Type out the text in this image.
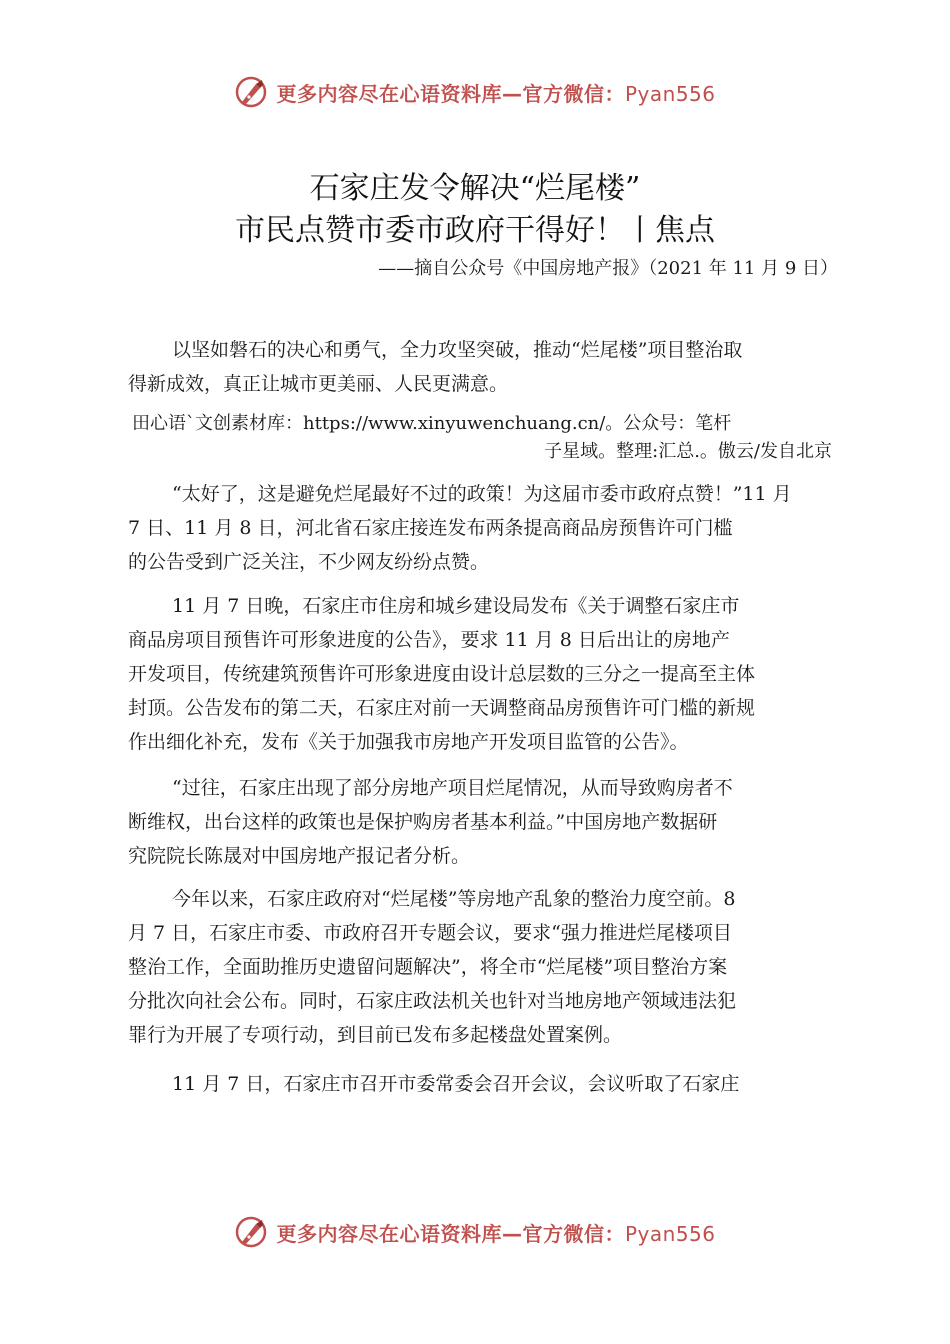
更多内容尽在心语资料库—官方微信：Pyan556
石家庄发令解决“烂尾楼”
市民点赞市委市政府干得好！丨焦点
——摘自公众号《中国房地产报》（2021 年 11 月 9 日）
以坚如磐石的决心和勇气，全力攻坚突破，推动“烂尾楼”项目整治取
得新成效，真正让城市更美丽、人民更满意。
田心语`文创素材库：https://www.xinyuwenchuang.cn/。公众号：笔杆
子星域。整理:汇总.。傲云/发自北京
“太好了，这是避免烂尾最好不过的政策！为这届市委市政府点赞！”11 月
7 日、11 月 8 日，河北省石家庄接连发布两条提高商品房预售许可门槛
的公告受到广泛关注，不少网友纷纷点赞。
11 月 7 日晚，石家庄市住房和城乡建设局发布《关于调整石家庄市
商品房项目预售许可形象进度的公告》，要求 11 月 8 日后出让的房地产
开发项目，传统建筑预售许可形象进度由设计总层数的三分之一提高至主体
封顶。公告发布的第二天，石家庄对前一天调整商品房预售许可门槛的新规
作出细化补充，发布《关于加强我市房地产开发项目监管的公告》。
“过往，石家庄出现了部分房地产项目烂尾情况，从而导致购房者不
断维权，出台这样的政策也是保护购房者基本利益。”中国房地产数据研
究院院长陈晟对中国房地产报记者分析。
今年以来，石家庄政府对“烂尾楼”等房地产乱象的整治力度空前。8
月 7 日，石家庄市委、市政府召开专题会议，要求“强力推进烂尾楼项目
整治工作，全面助推历史遗留问题解决”，将全市“烂尾楼”项目整治方案
分批次向社会公布。同时，石家庄政法机关也针对当地房地产领域违法犯
罪行为开展了专项行动，到目前已发布多起楼盘处置案例。
11 月 7 日，石家庄市召开市委常委会召开会议，会议听取了石家庄
更多内容尽在心语资料库—官方微信：Pyan556
